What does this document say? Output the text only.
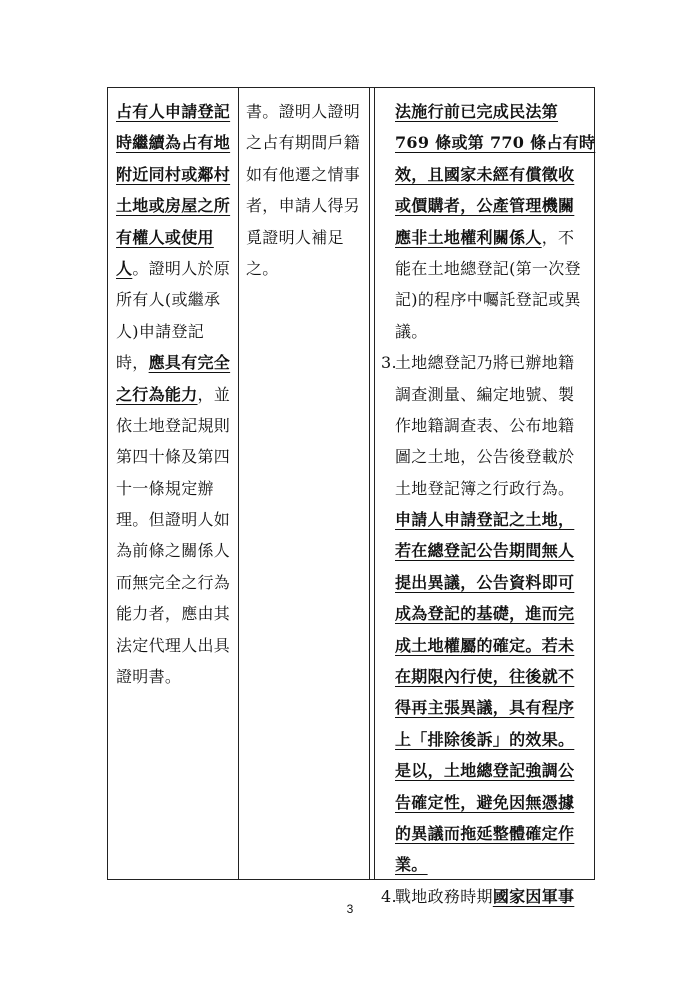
占有人申請登記
時繼續為占有地
附近同村或鄰村
土地或房屋之所
有權人或使用
人。證明人於原
所有人(或繼承
人)申請登記
時，應具有完全
之行為能力，並
依土地登記規則
第四十條及第四
十一條規定辦
理。但證明人如
為前條之關係人
而無完全之行為
能力者，應由其
法定代理人出具
證明書。
書。證明人證明
之占有期間戶籍
如有他遷之情事
者，申請人得另
覓證明人補足
之。
法施行前已完成民法第
769 條或第 770 條占有時
效，且國家未經有償徵收
或價購者，公產管理機關
應非土地權利關係人，不
能在土地總登記(第一次登
記)的程序中囑託登記或異
議。
3.土地總登記乃將已辦地籍
調查測量、編定地號、製
作地籍調查表、公布地籍
圖之土地，公告後登載於
土地登記簿之行政行為。
申請人申請登記之土地，
若在總登記公告期間無人
提出異議，公告資料即可
成為登記的基礎，進而完
成土地權屬的確定。若未
在期限內行使，往後就不
得再主張異議，具有程序
上「排除後訴」的效果。
是以，土地總登記強調公
告確定性，避免因無憑據
的異議而拖延整體確定作
業。
4.戰地政務時期國家因軍事
3
